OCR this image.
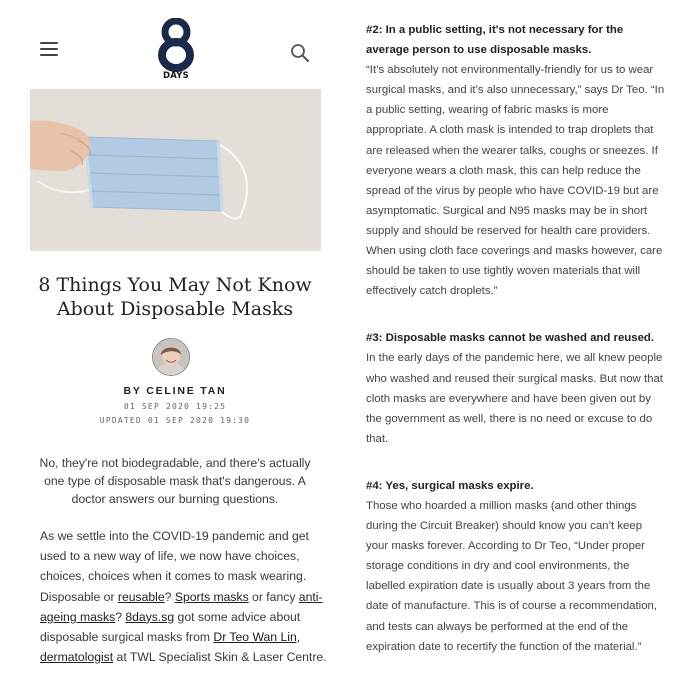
DAYS
8 Things You May Not Know About Disposable Masks
BY CELINE TAN
01 SEP 2020 19:25
UPDATED 01 SEP 2020 19:30

No, they're not biodegradable, and there's actually one type of disposable mask that's dangerous. A doctor answers our burning questions.

As we settle into the COVID-19 pandemic and get used to a new way of life, we now have choices, choices, choices when it comes to mask wearing. Disposable or reusable? Sports masks or fancy anti-ageing masks? 8days.sg got some advice about disposable surgical masks from Dr Teo Wan Lin, dermatologist at TWL Specialist Skin & Laser Centre.

#2: In a public setting, it's not necessary for the average person to use disposable masks.
“It’s absolutely not environmentally-friendly for us to wear surgical masks, and it’s also unnecessary,” says Dr Teo. “In a public setting, wearing of fabric masks is more appropriate. A cloth mask is intended to trap droplets that are released when the wearer talks, coughs or sneezes. If everyone wears a cloth mask, this can help reduce the spread of the virus by people who have COVID-19 but are asymptomatic. Surgical and N95 masks may be in short supply and should be reserved for health care providers. When using cloth face coverings and masks however, care should be taken to use tightly woven materials that will effectively catch droplets.”
#3: Disposable masks cannot be washed and reused.
In the early days of the pandemic here, we all knew people who washed and reused their surgical masks. But now that cloth masks are everywhere and have been given out by the government as well, there is no need or excuse to do that.
#4: Yes, surgical masks expire.
Those who hoarded a million masks (and other things during the Circuit Breaker) should know you can’t keep your masks forever. According to Dr Teo, “Under proper storage conditions in dry and cool environments, the labelled expiration date is usually about 3 years from the date of manufacture. This is of course a recommendation, and tests can always be performed at the end of the expiration date to recertify the function of the material.”
